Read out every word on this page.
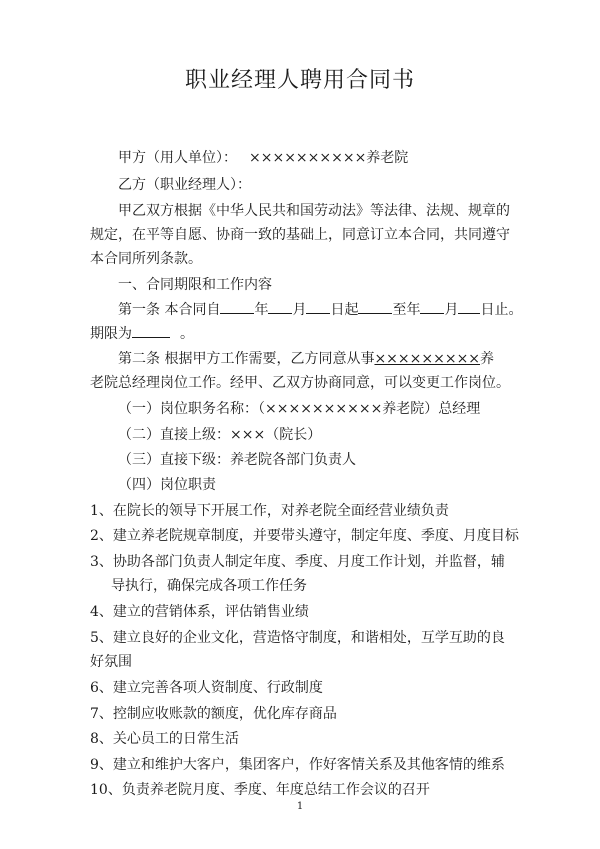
职业经理人聘用合同书
甲方（用人单位）： ××××××××××养老院
乙方（职业经理人）：
甲乙双方根据《中华人民共和国劳动法》等法律、法规、规章的
规定，在平等自愿、协商一致的基础上，同意订立本合同，共同遵守
本合同所列条款。
一、合同期限和工作内容
第一条 本合同自 年 月 日起 至年 月 日止。
期限为	。
第二条 根据甲方工作需要，乙方同意从事×××××××××养
老院总经理岗位工作。经甲、乙双方协商同意，可以变更工作岗位。
（一）岗位职务名称：（××××××××××养老院）总经理
（二）直接上级：×××（院长）
（三）直接下级：养老院各部门负责人
（四）岗位职责
1、在院长的领导下开展工作，对养老院全面经营业绩负责
2、建立养老院规章制度，并要带头遵守，制定年度、季度、月度目标
3、协助各部门负责人制定年度、季度、月度工作计划，并监督，辅
导执行，确保完成各项工作任务
4、建立的营销体系，评估销售业绩
5、建立良好的企业文化，营造恪守制度，和谐相处，互学互助的良
好氛围
6、建立完善各项人资制度、行政制度
7、控制应收账款的额度，优化库存商品
8、关心员工的日常生活
9、建立和维护大客户，集团客户，作好客情关系及其他客情的维系
10、负责养老院月度、季度、年度总结工作会议的召开
1
